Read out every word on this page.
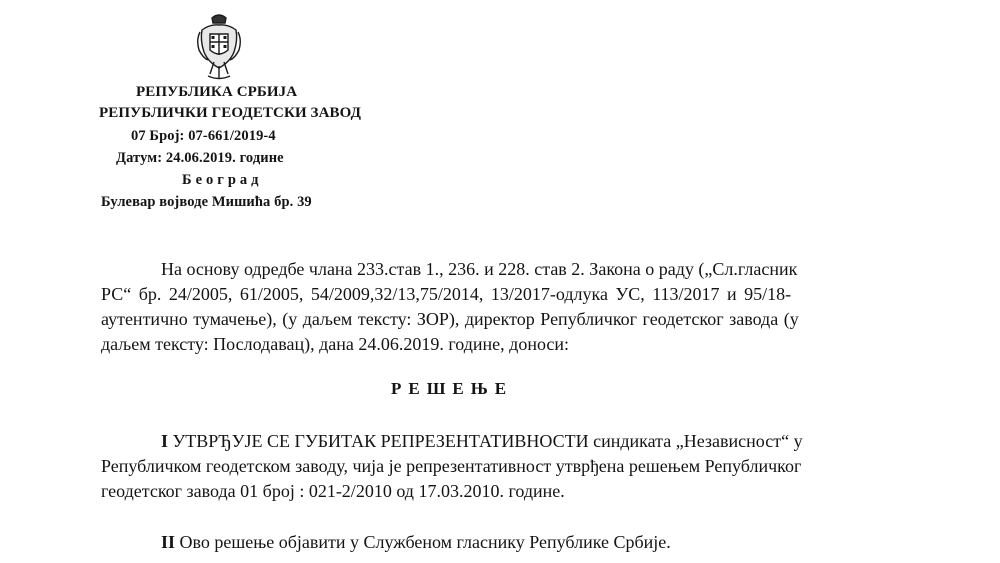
РЕПУБЛИКА СРБИЈА
РЕПУБЛИЧКИ ГЕОДЕТСКИ ЗАВОД
07 Број: 07-661/2019-4
Датум: 24.06.2019. године
Београд
Булевар војводе Мишића бр. 39
На основу одредбе члана 233.став 1., 236. и 228. став 2. Закона о раду („Сл.гласник
РС“ бр. 24/2005, 61/2005, 54/2009,32/13,75/2014, 13/2017-одлука УС, 113/2017 и 95/18-
аутентично тумачење), (у даљем тексту: ЗОР), директор Републичког геодетског завода (у
даљем тексту: Послодавац), дана 24.06.2019. године, доноси:
РЕШЕЊЕ
I УТВРЂУЈЕ СЕ ГУБИТАК РЕПРЕЗЕНТАТИВНОСТИ синдиката „Независност“ у
Републичком геодетском заводу, чија је репрезентативност утврђена решењем Републичког
геодетског завода 01 број : 021-2/2010 од 17.03.2010. године.
II Ово решење објавити у Службеном гласнику Републике Србије.
